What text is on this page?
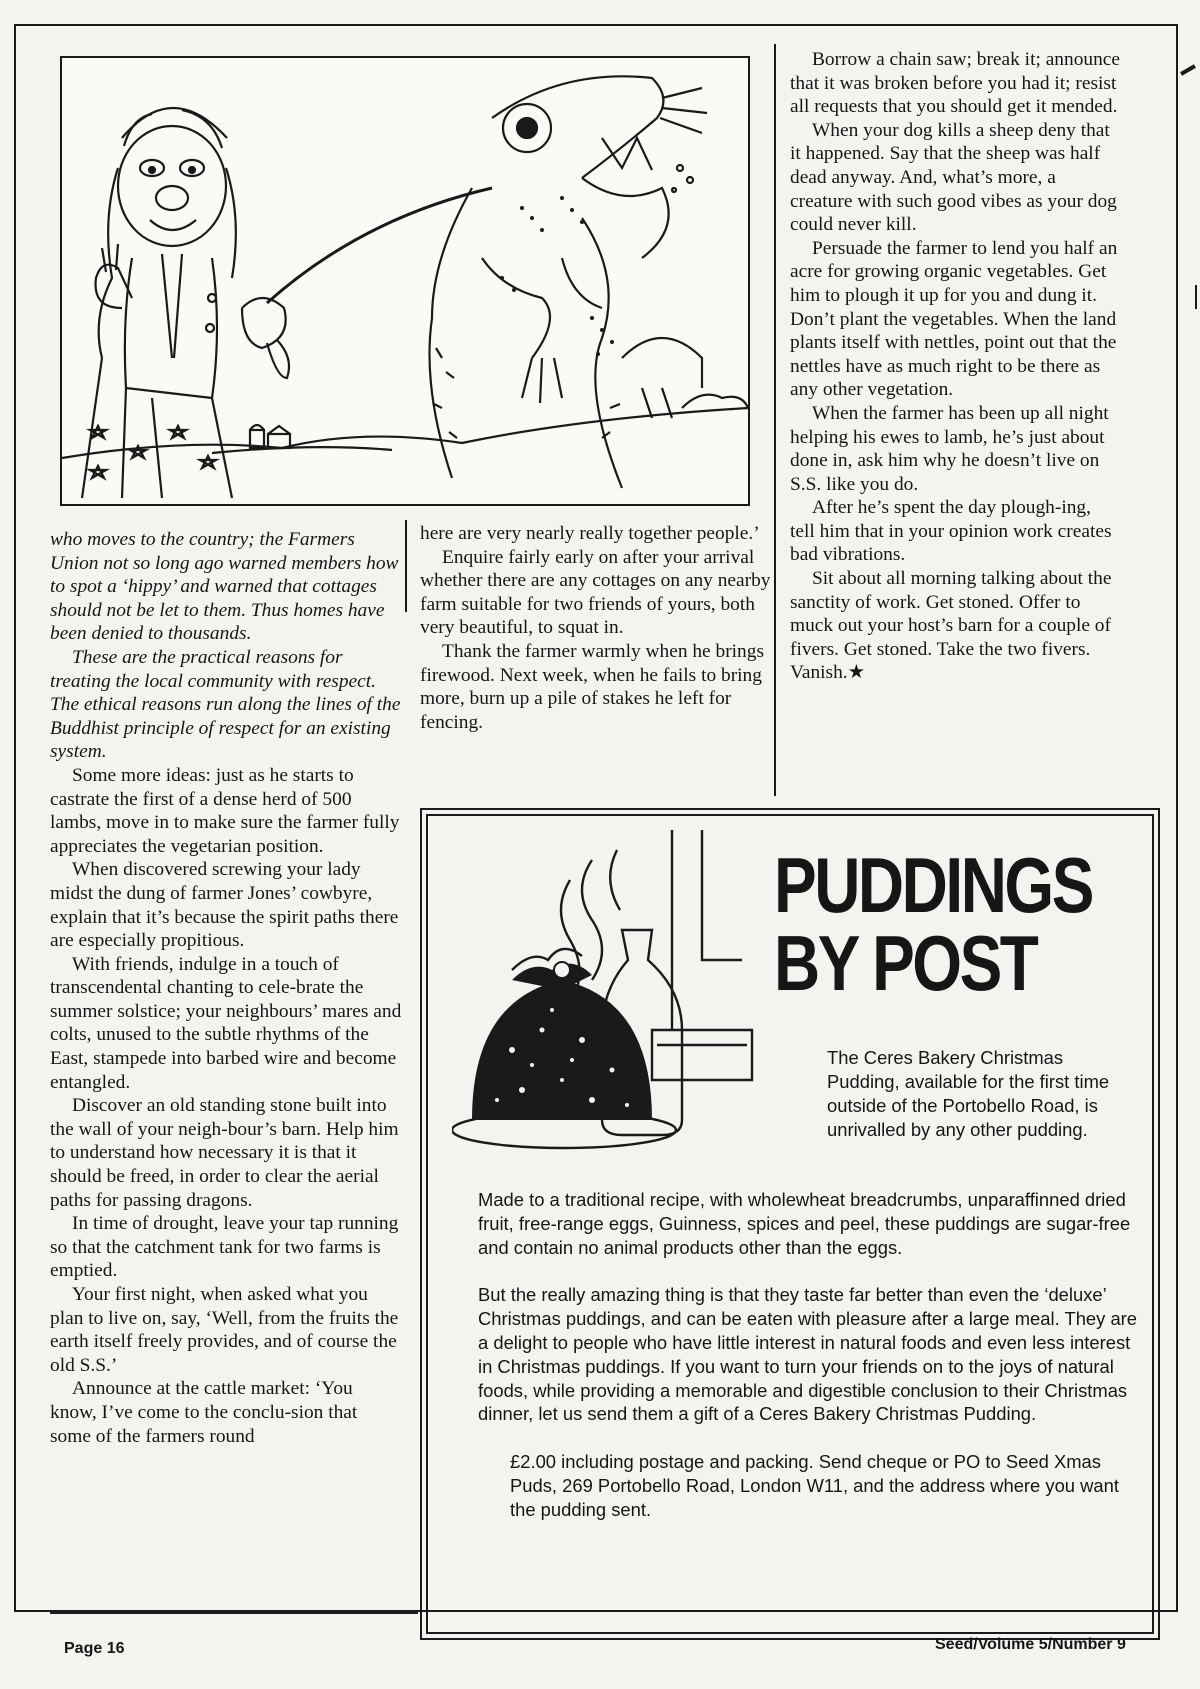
who moves to the country; the Farmers Union not so long ago warned members how to spot a ‘hippy’ and warned that cottages should not be let to them. Thus homes have been denied to thousands.

These are the practical reasons for treating the local community with respect. The ethical reasons run along the lines of the Buddhist principle of respect for an existing system.

Some more ideas: just as he starts to castrate the first of a dense herd of 500 lambs, move in to make sure the farmer fully appreciates the vegetarian position.

When discovered screwing your lady midst the dung of farmer Jones’ cowbyre, explain that it’s because the spirit paths there are especially propitious.

With friends, indulge in a touch of transcendental chanting to cele-brate the summer solstice; your neighbours’ mares and colts, unused to the subtle rhythms of the East, stampede into barbed wire and become entangled.

Discover an old standing stone built into the wall of your neigh-bour’s barn. Help him to understand how necessary it is that it should be freed, in order to clear the aerial paths for passing dragons.

In time of drought, leave your tap running so that the catchment tank for two farms is emptied.

Your first night, when asked what you plan to live on, say, ‘Well, from the fruits the earth itself freely provides, and of course the old S.S.’

Announce at the cattle market: ‘You know, I’ve come to the conclu-sion that some of the farmers round

here are very nearly really together people.’

Enquire fairly early on after your arrival whether there are any cottages on any nearby farm suitable for two friends of yours, both very beautiful, to squat in.

Thank the farmer warmly when he brings firewood. Next week, when he fails to bring more, burn up a pile of stakes he left for fencing.

Borrow a chain saw; break it; announce that it was broken before you had it; resist all requests that you should get it mended.

When your dog kills a sheep deny that it happened. Say that the sheep was half dead anyway. And, what’s more, a creature with such good vibes as your dog could never kill.

Persuade the farmer to lend you half an acre for growing organic vegetables. Get him to plough it up for you and dung it. Don’t plant the vegetables. When the land plants itself with nettles, point out that the nettles have as much right to be there as any other vegetation.

When the farmer has been up all night helping his ewes to lamb, he’s just about done in, ask him why he doesn’t live on S.S. like you do.

After he’s spent the day plough-ing, tell him that in your opinion work creates bad vibrations.

Sit about all morning talking about the sanctity of work. Get stoned. Offer to muck out your host’s barn for a couple of fivers. Get stoned. Take the two fivers. Vanish.★

PUDDINGS
BY POST
The Ceres Bakery Christmas Pudding, available for the first time outside of the Portobello Road, is unrivalled by any other pudding.

Made to a traditional recipe, with wholewheat breadcrumbs, unparaffinned dried fruit, free-range eggs, Guinness, spices and peel, these puddings are sugar-free and contain no animal products other than the eggs.

But the really amazing thing is that they taste far better than even the ‘deluxe’ Christmas puddings, and can be eaten with pleasure after a large meal. They are a delight to people who have little interest in natural foods and even less interest in Christmas puddings. If you want to turn your friends on to the joys of natural foods, while providing a memorable and digestible conclusion to their Christmas dinner, let us send them a gift of a Ceres Bakery Christmas Pudding.

£2.00 including postage and packing. Send cheque or PO to Seed Xmas Puds, 269 Portobello Road, London W11, and the address where you want the pudding sent.

Page 16	Seed/Volume 5/Number 9
